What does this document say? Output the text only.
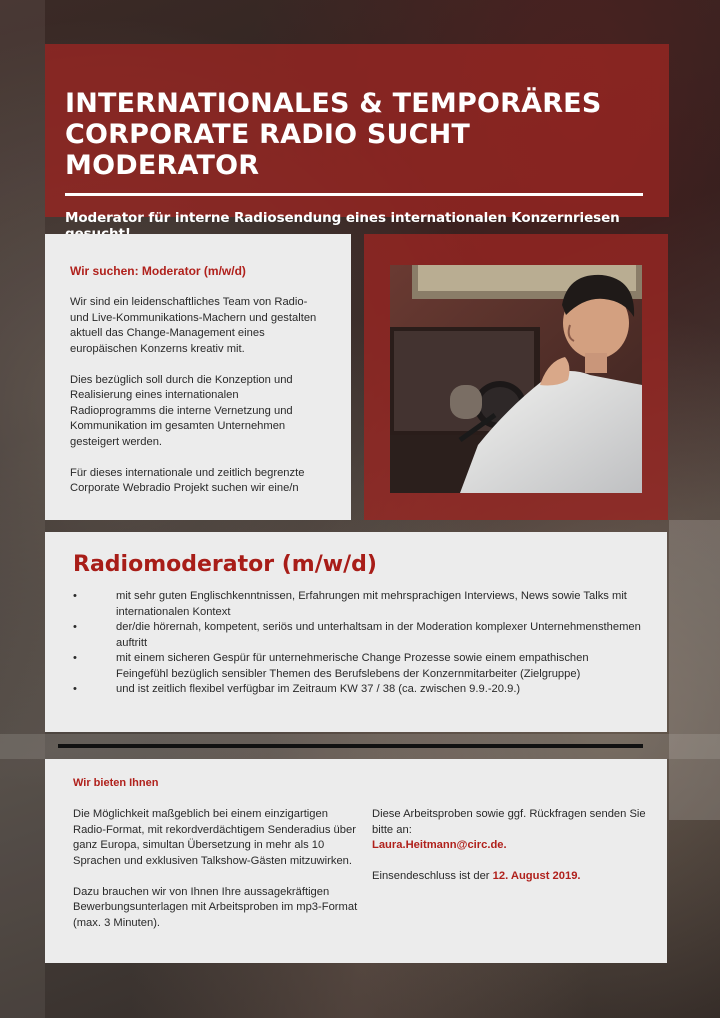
INTERNATIONALES & TEMPORÄRES
CORPORATE RADIO SUCHT MODERATOR
Moderator für interne Radiosendung eines internationalen Konzernriesen
Wir suchen: Moderator (m/w/d)

Wir sind ein leidenschaftliches Team von Radio- und Live-Kommunikations-Machern und gestalten aktuell das Change-Management eines europäischen Konzerns kreativ mit.

Dies bezüglich soll durch die Konzeption und Realisierung eines internationalen Radioprogramms die interne Vernetzung und Kommunikation im gesamten Unternehmen gesteigert werden.

Für dieses internationale und zeitlich begrenzte Corporate Webradio Projekt suchen wir eine/n

Radiomoderator (m/w/d)
• mit sehr guten Englischkenntnissen, Erfahrungen mit mehrsprachigen Interviews, News sowie Talks mit internationalen Kontext
• der/die hörernah, kompetent, seriös und unterhaltsam in der Moderation komplexer Unternehmensthemen auftritt
• mit einem sicheren Gespür für unternehmerische Change Prozesse sowie einem empathischen Feingefühl bezüglich sensibler Themen des Berufslebens der Konzernmitarbeiter (Zielgruppe)
• und ist zeitlich flexibel verfügbar im Zeitraum KW 37 / 38 (ca. zwischen 9.9.-20.9.)
Wir bieten Ihnen

Die Möglichkeit maßgeblich bei einem einzigartigen Radio-Format, mit rekordverdächtigem Senderadius über ganz Europa, simultan Übersetzung in mehr als 10 Sprachen und exklusiven Talkshow-Gästen mitzuwirken.

Dazu brauchen wir von Ihnen Ihre aussagekräftigen Bewerbungsunterlagen mit Arbeitsproben im mp3-Format (max. 3 Minuten).

Diese Arbeitsproben sowie ggf. Rückfragen senden Sie bitte an:
Laura.Heitmann@circ.de.

Einsendeschluss ist der 12. August 2019.
